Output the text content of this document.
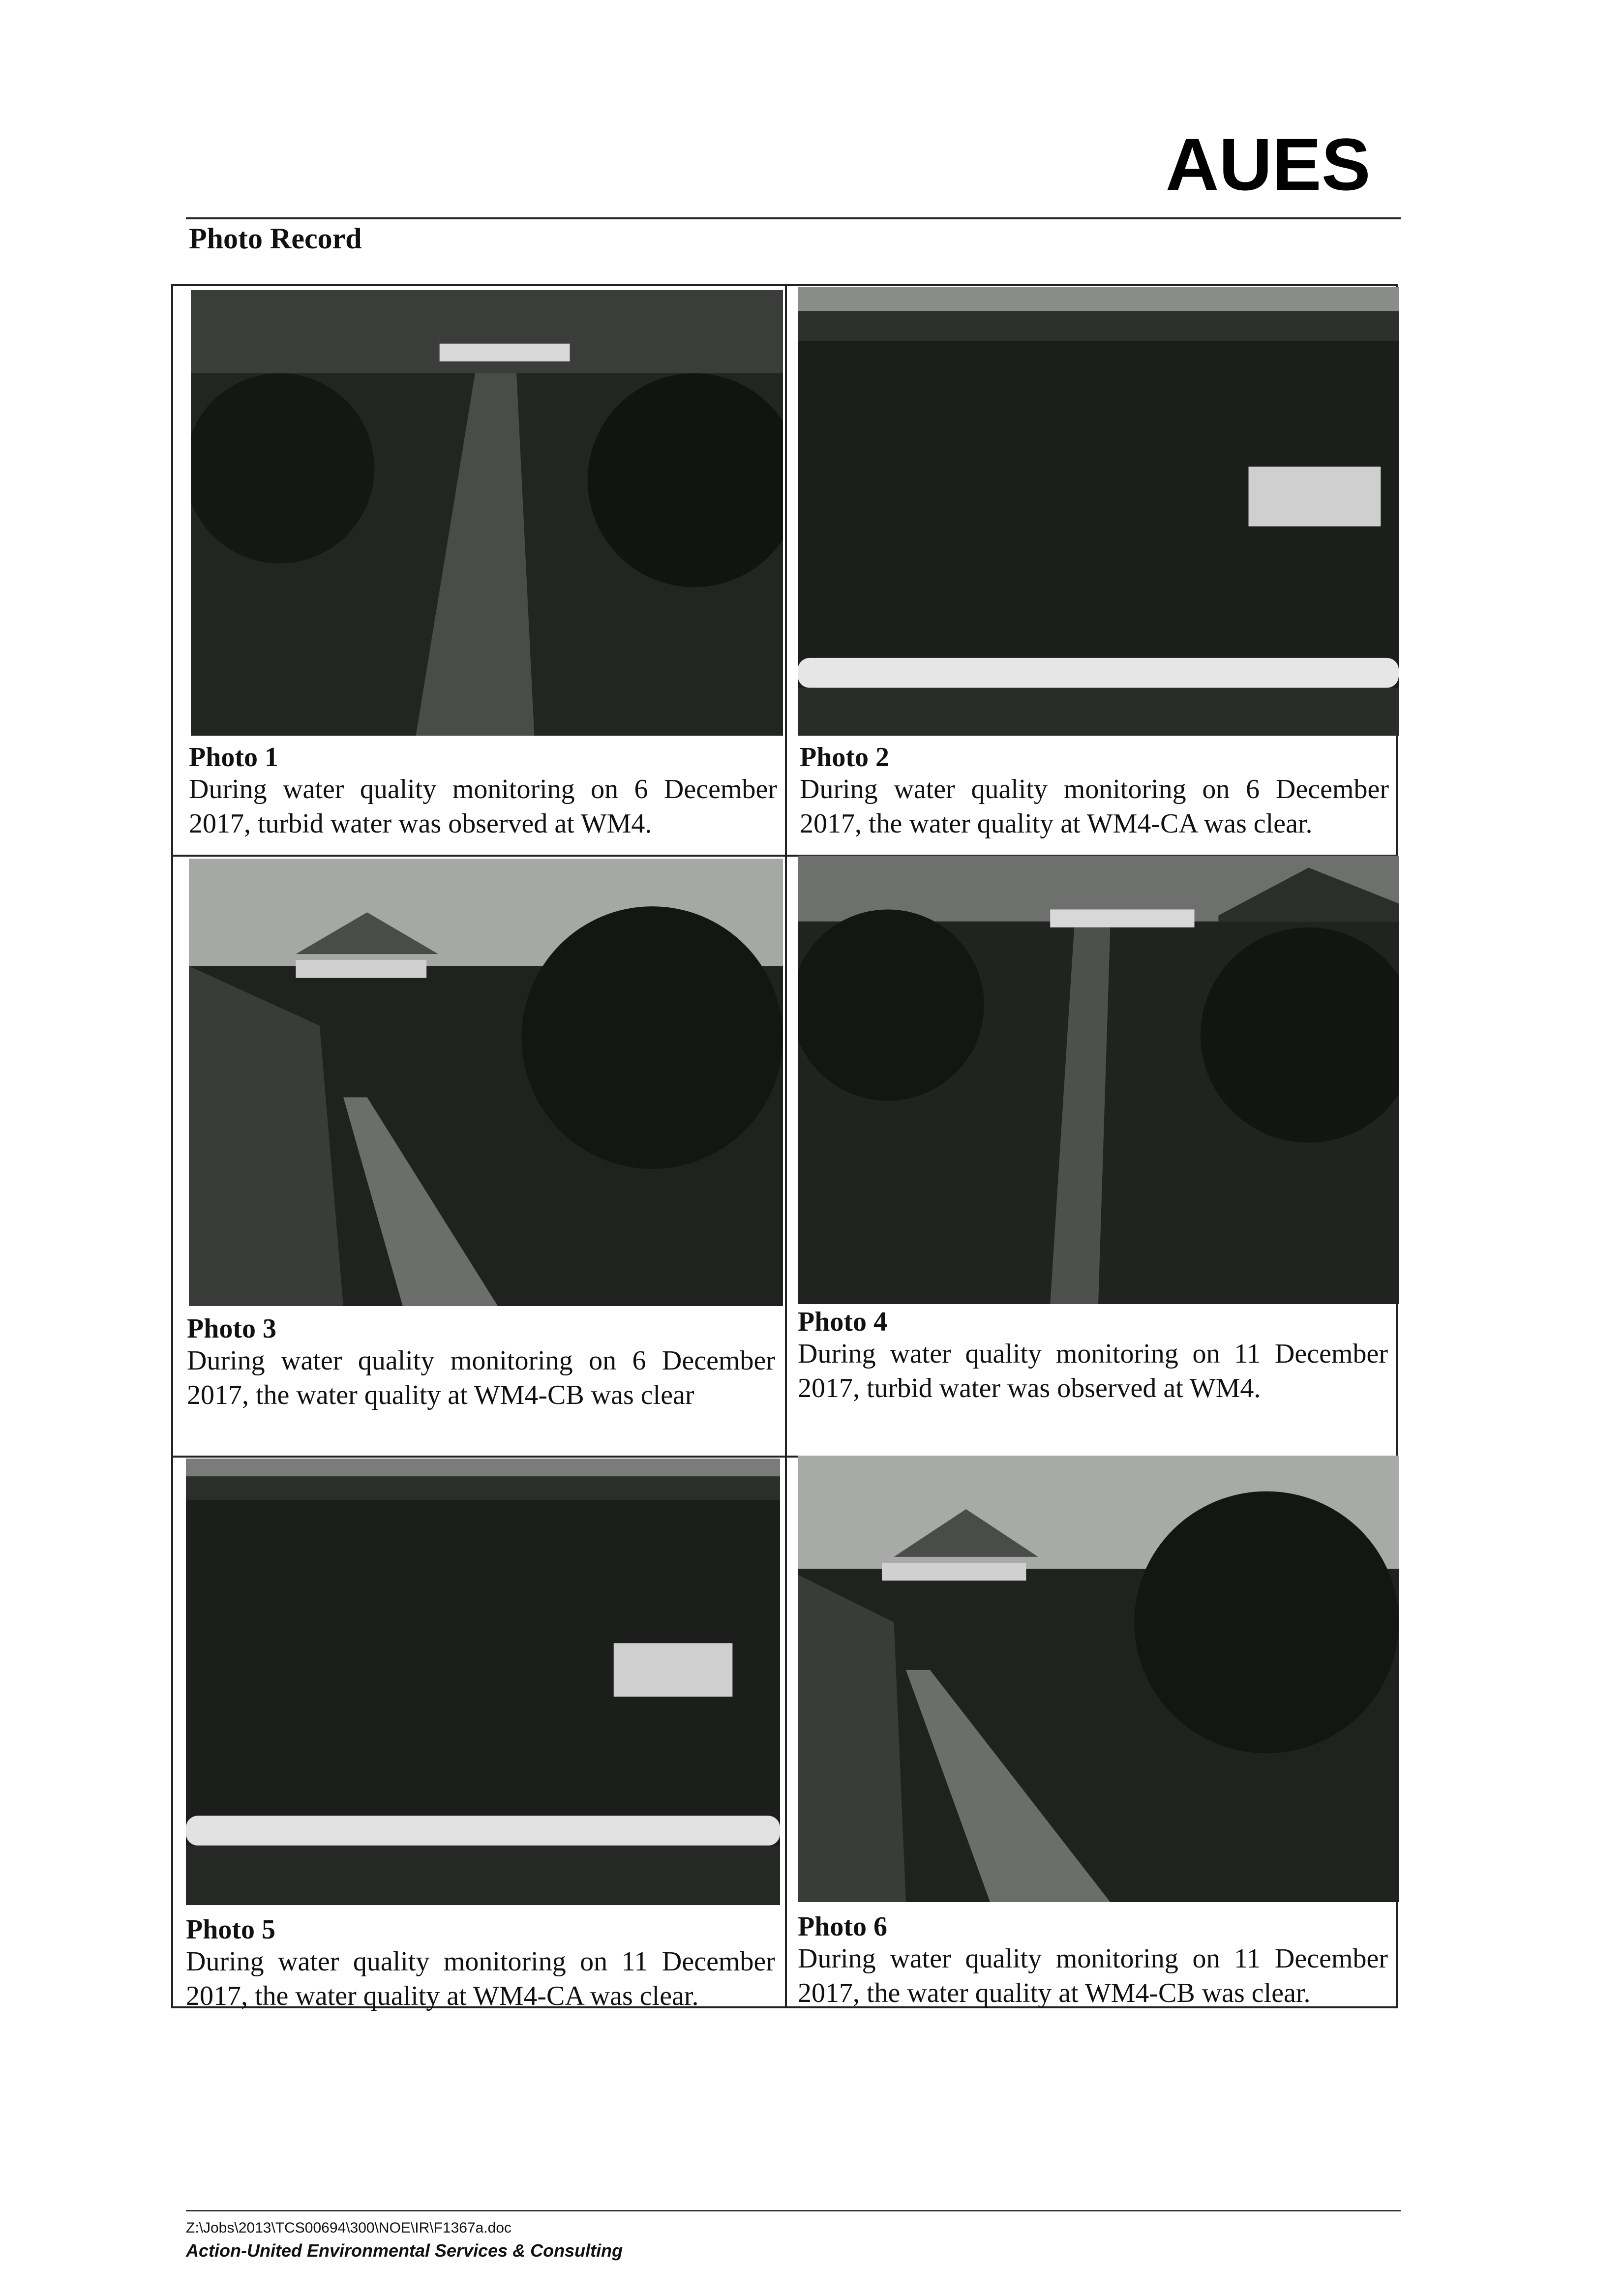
AUES
Photo Record
Photo 1
During water quality monitoring on 6 December 2017, turbid water was observed at WM4.
Photo 2
During water quality monitoring on 6 December 2017, the water quality at WM4-CA was clear.
Photo 3
During water quality monitoring on 6 December 2017, the water quality at WM4-CB was clear
Photo 4
During water quality monitoring on 11 December 2017, turbid water was observed at WM4.
Photo 5
During water quality monitoring on 11 December 2017, the water quality at WM4-CA was clear.
Photo 6
During water quality monitoring on 11 December 2017, the water quality at WM4-CB was clear.
Z:\Jobs\2013\TCS00694\300\NOE\IR\F1367a.doc
Action-United Environmental Services & Consulting
